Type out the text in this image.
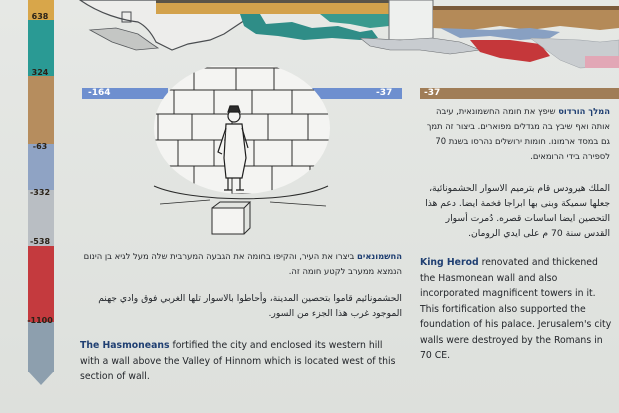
638
324
-63
-332
-538
-1100
-164	-37	-37
המלך הורדוס שיפץ את חומה החשמונאית, עיבה אותה ואף שיבץ בה מגדלים מפוארים. ביצור זה תמך גם במסד ארמונו. חומות ירושלים נהרסו בשנת 70 לספירה בידי הרומאים.
الملك هيرودس قام بترميم الاسوار الحشمونائية، جعلها سميكة وبنى بها ابراجا فخمة ايضا. دعم هذا التحصين ايضا اساسات قصره. دُمرت أسوار القدس سنة 70 م على ايدي الرومان.
King Herod renovated and thickened the Hasmonean wall and also incorporated magnificent towers in it. This fortification also supported the foundation of his palace. Jerusalem's city walls were destroyed by the Romans in 70 CE.
החשמונאים ביצרו את העיר, והקיפו בחומה את הגבעה המערבית שלה מעל לגיא בן הינום הנמצא ממערב לקטע חומה זה.
الحشمونائيم قاموا بتحصين المدينة، وأحاطوا بالاسوار تلها الغربي فوق وادي جهنم الموجود غرب هذا الجزء من السور.
The Hasmoneans fortified the city and enclosed its western hill with a wall above the Valley of Hinnom which is located west of this section of wall.
